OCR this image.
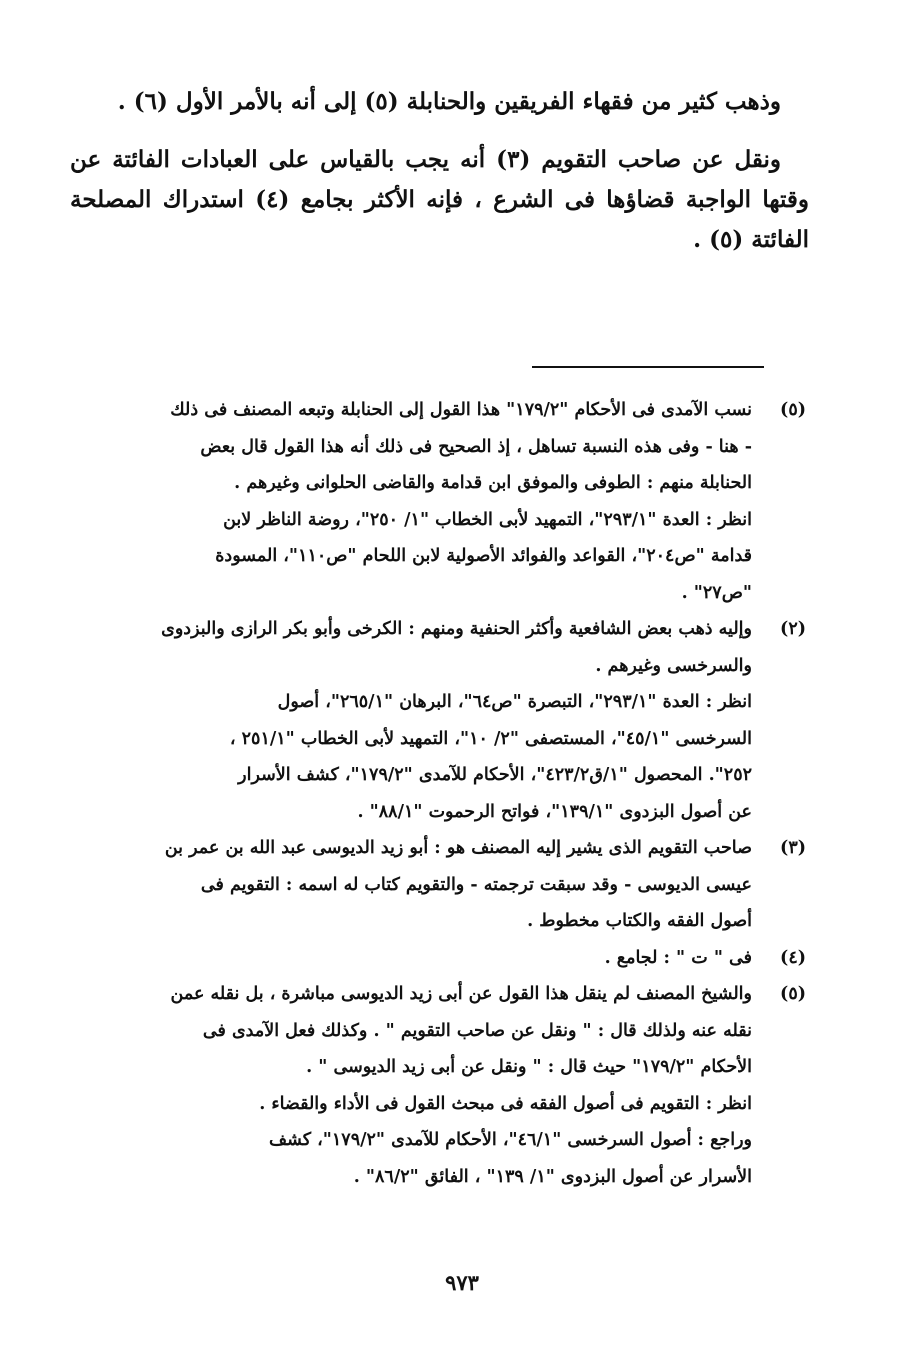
وذهب كثير من فقهاء الفريقين والحنابلة (٥) إلى أنه بالأمر الأول (٦) .

ونقل عن صاحب التقويم (٣) أنه يجب بالقياس على العبادات الفائتة عن وقتها الواجبة قضاؤها فى الشرع ، فإنه الأكثر بجامع (٤) استدراك المصلحة الفائتة (٥) .

(٥)
نسب الآمدى فى الأحكام "١٧٩/٢" هذا القول إلى الحنابلة وتبعه المصنف فى ذلك
- هنا - وفى هذه النسبة تساهل ، إذ الصحيح فى ذلك أنه هذا القول قال بعض
الحنابلة منهم : الطوفى والموفق ابن قدامة والقاضى الحلوانى وغيرهم .
انظر : العدة "٢٩٣/١"، التمهيد لأبى الخطاب "١/ ٢٥٠"، روضة الناظر لابن
قدامة "ص٢٠٤"، القواعد والفوائد الأصولية لابن اللحام "ص١١٠"، المسودة
"ص٢٧" .
(٢)
وإليه ذهب بعض الشافعية وأكثر الحنفية ومنهم : الكرخى وأبو بكر الرازى والبزدوى
والسرخسى وغيرهم .
انظر : العدة "٢٩٣/١"، التبصرة "ص٦٤"، البرهان "٢٦٥/١"، أصول
السرخسى "٤٥/١"، المستصفى "٢/ ١٠"، التمهيد لأبى الخطاب "٢٥١/١ ،
٢٥٢". المحصول "١/ق٤٢٣/٢"، الأحكام للآمدى "١٧٩/٢"، كشف الأسرار
عن أصول البزدوى "١٣٩/١"، فواتح الرحموت "٨٨/١" .
(٣)
صاحب التقويم الذى يشير إليه المصنف هو : أبو زيد الديوسى عبد الله بن عمر بن
عيسى الديوسى - وقد سبقت ترجمته - والتقويم كتاب له اسمه : التقويم فى
أصول الفقه والكتاب مخطوط .
(٤)
فى " ت " : لجامع .
(٥)
والشيخ المصنف لم ينقل هذا القول عن أبى زيد الديوسى مباشرة ، بل نقله عمن
نقله عنه ولذلك قال : " ونقل عن صاحب التقويم " . وكذلك فعل الآمدى فى
الأحكام "١٧٩/٢" حيث قال : " ونقل عن أبى زيد الديوسى " .
انظر : التقويم فى أصول الفقه فى مبحث القول فى الأداء والقضاء .
وراجع : أصول السرخسى "٤٦/١"، الأحكام للآمدى "١٧٩/٢"، كشف
الأسرار عن أصول البزدوى "١/ ١٣٩" ، الفائق "٨٦/٢" .
٩٧٣
